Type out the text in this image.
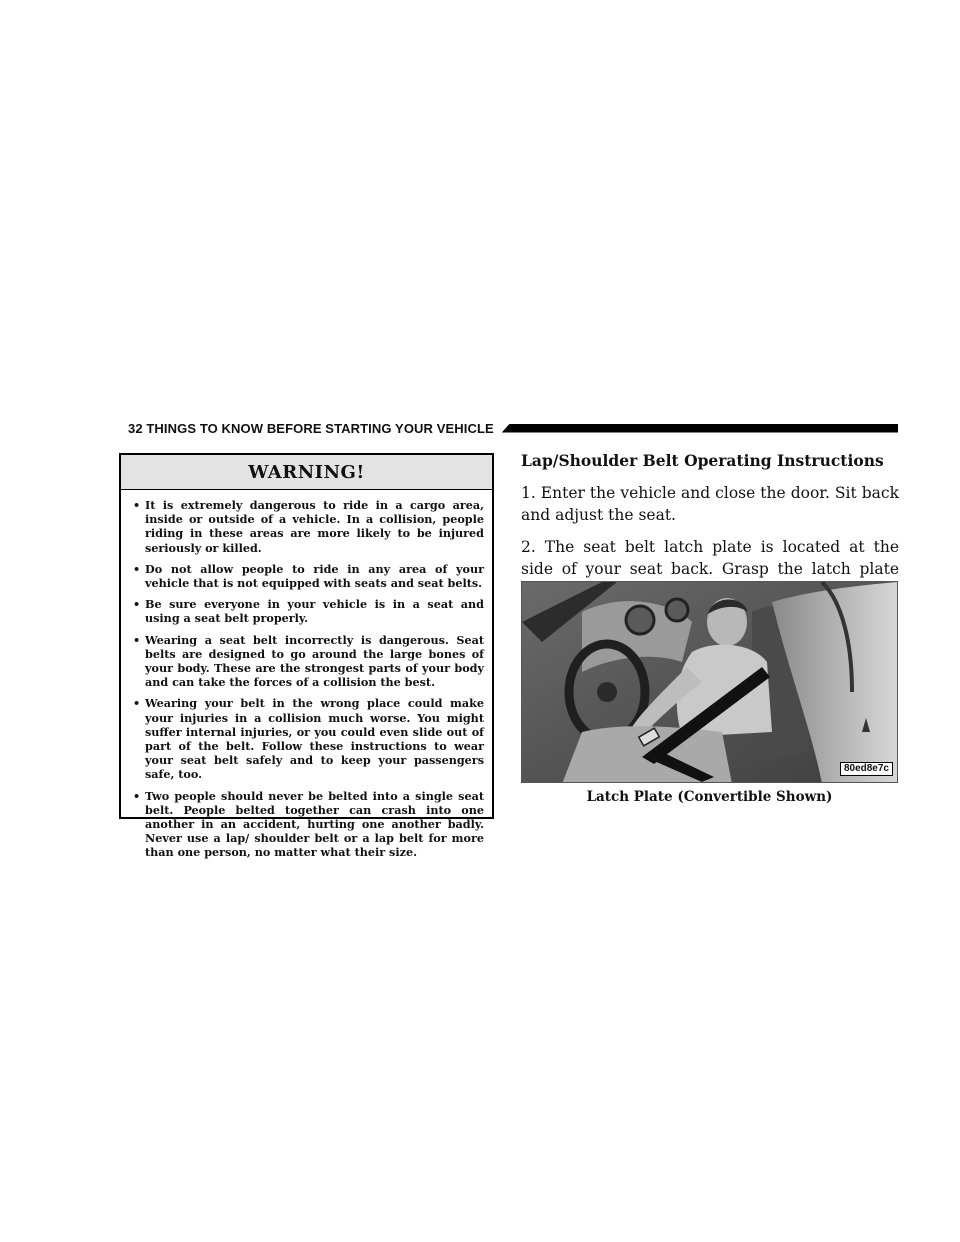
32 THINGS TO KNOW BEFORE STARTING YOUR VEHICLE
WARNING!
• It is extremely dangerous to ride in a cargo area, inside or outside of a vehicle. In a collision, people riding in these areas are more likely to be injured seriously or killed.
• Do not allow people to ride in any area of your vehicle that is not equipped with seats and seat belts.
• Be sure everyone in your vehicle is in a seat and using a seat belt properly.
• Wearing a seat belt incorrectly is dangerous. Seat belts are designed to go around the large bones of your body. These are the strongest parts of your body and can take the forces of a collision the best.
• Wearing your belt in the wrong place could make your injuries in a collision much worse. You might suffer internal injuries, or you could even slide out of part of the belt. Follow these instructions to wear your seat belt safely and to keep your passengers safe, too.
• Two people should never be belted into a single seat belt. People belted together can crash into one another in an accident, hurting one another badly. Never use a lap/ shoulder belt or a lap belt for more than one person, no matter what their size.
Lap/Shoulder Belt Operating Instructions

1. Enter the vehicle and close the door. Sit back and adjust the seat.

2. The seat belt latch plate is located at the side of your seat back. Grasp the latch plate

80ed8e7c
Latch Plate (Convertible Shown)
